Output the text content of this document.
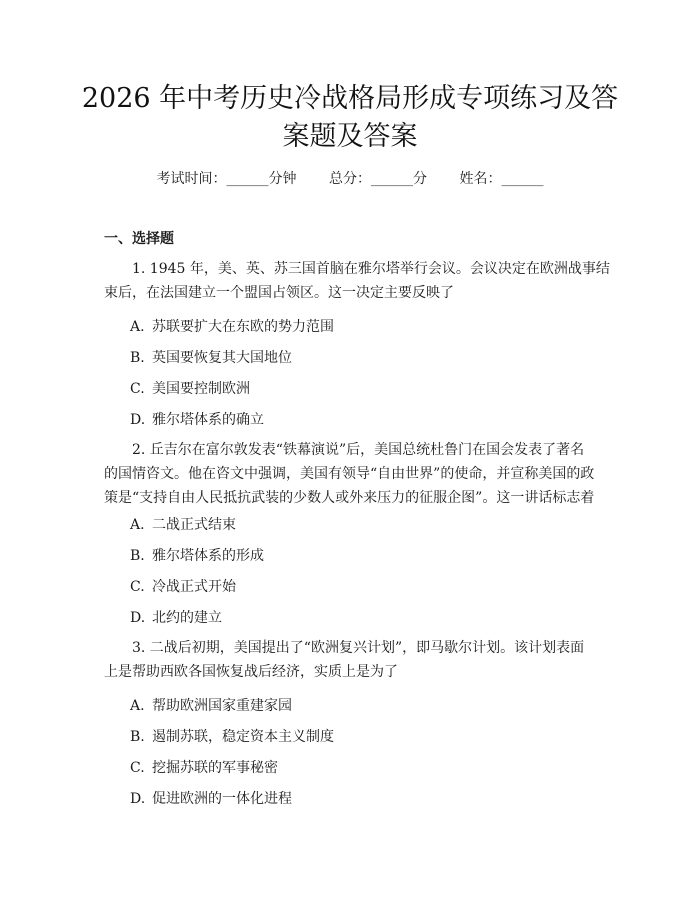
2026 年中考历史冷战格局形成专项练习及答
案题及答案
考试时间：______分钟 总分：______分 姓名：______
一、选择题
1. 1945 年，美、英、苏三国首脑在雅尔塔举行会议。会议决定在欧洲战事结
束后，在法国建立一个盟国占领区。这一决定主要反映了
A. 苏联要扩大在东欧的势力范围
B. 英国要恢复其大国地位
C. 美国要控制欧洲
D. 雅尔塔体系的确立
2. 丘吉尔在富尔敦发表“铁幕演说”后，美国总统杜鲁门在国会发表了著名
的国情咨文。他在咨文中强调，美国有领导“自由世界”的使命，并宣称美国的政
策是“支持自由人民抵抗武装的少数人或外来压力的征服企图”。这一讲话标志着
A. 二战正式结束
B. 雅尔塔体系的形成
C. 冷战正式开始
D. 北约的建立
3. 二战后初期，美国提出了“欧洲复兴计划”，即马歇尔计划。该计划表面
上是帮助西欧各国恢复战后经济，实质上是为了
A. 帮助欧洲国家重建家园
B. 遏制苏联，稳定资本主义制度
C. 挖掘苏联的军事秘密
D. 促进欧洲的一体化进程
